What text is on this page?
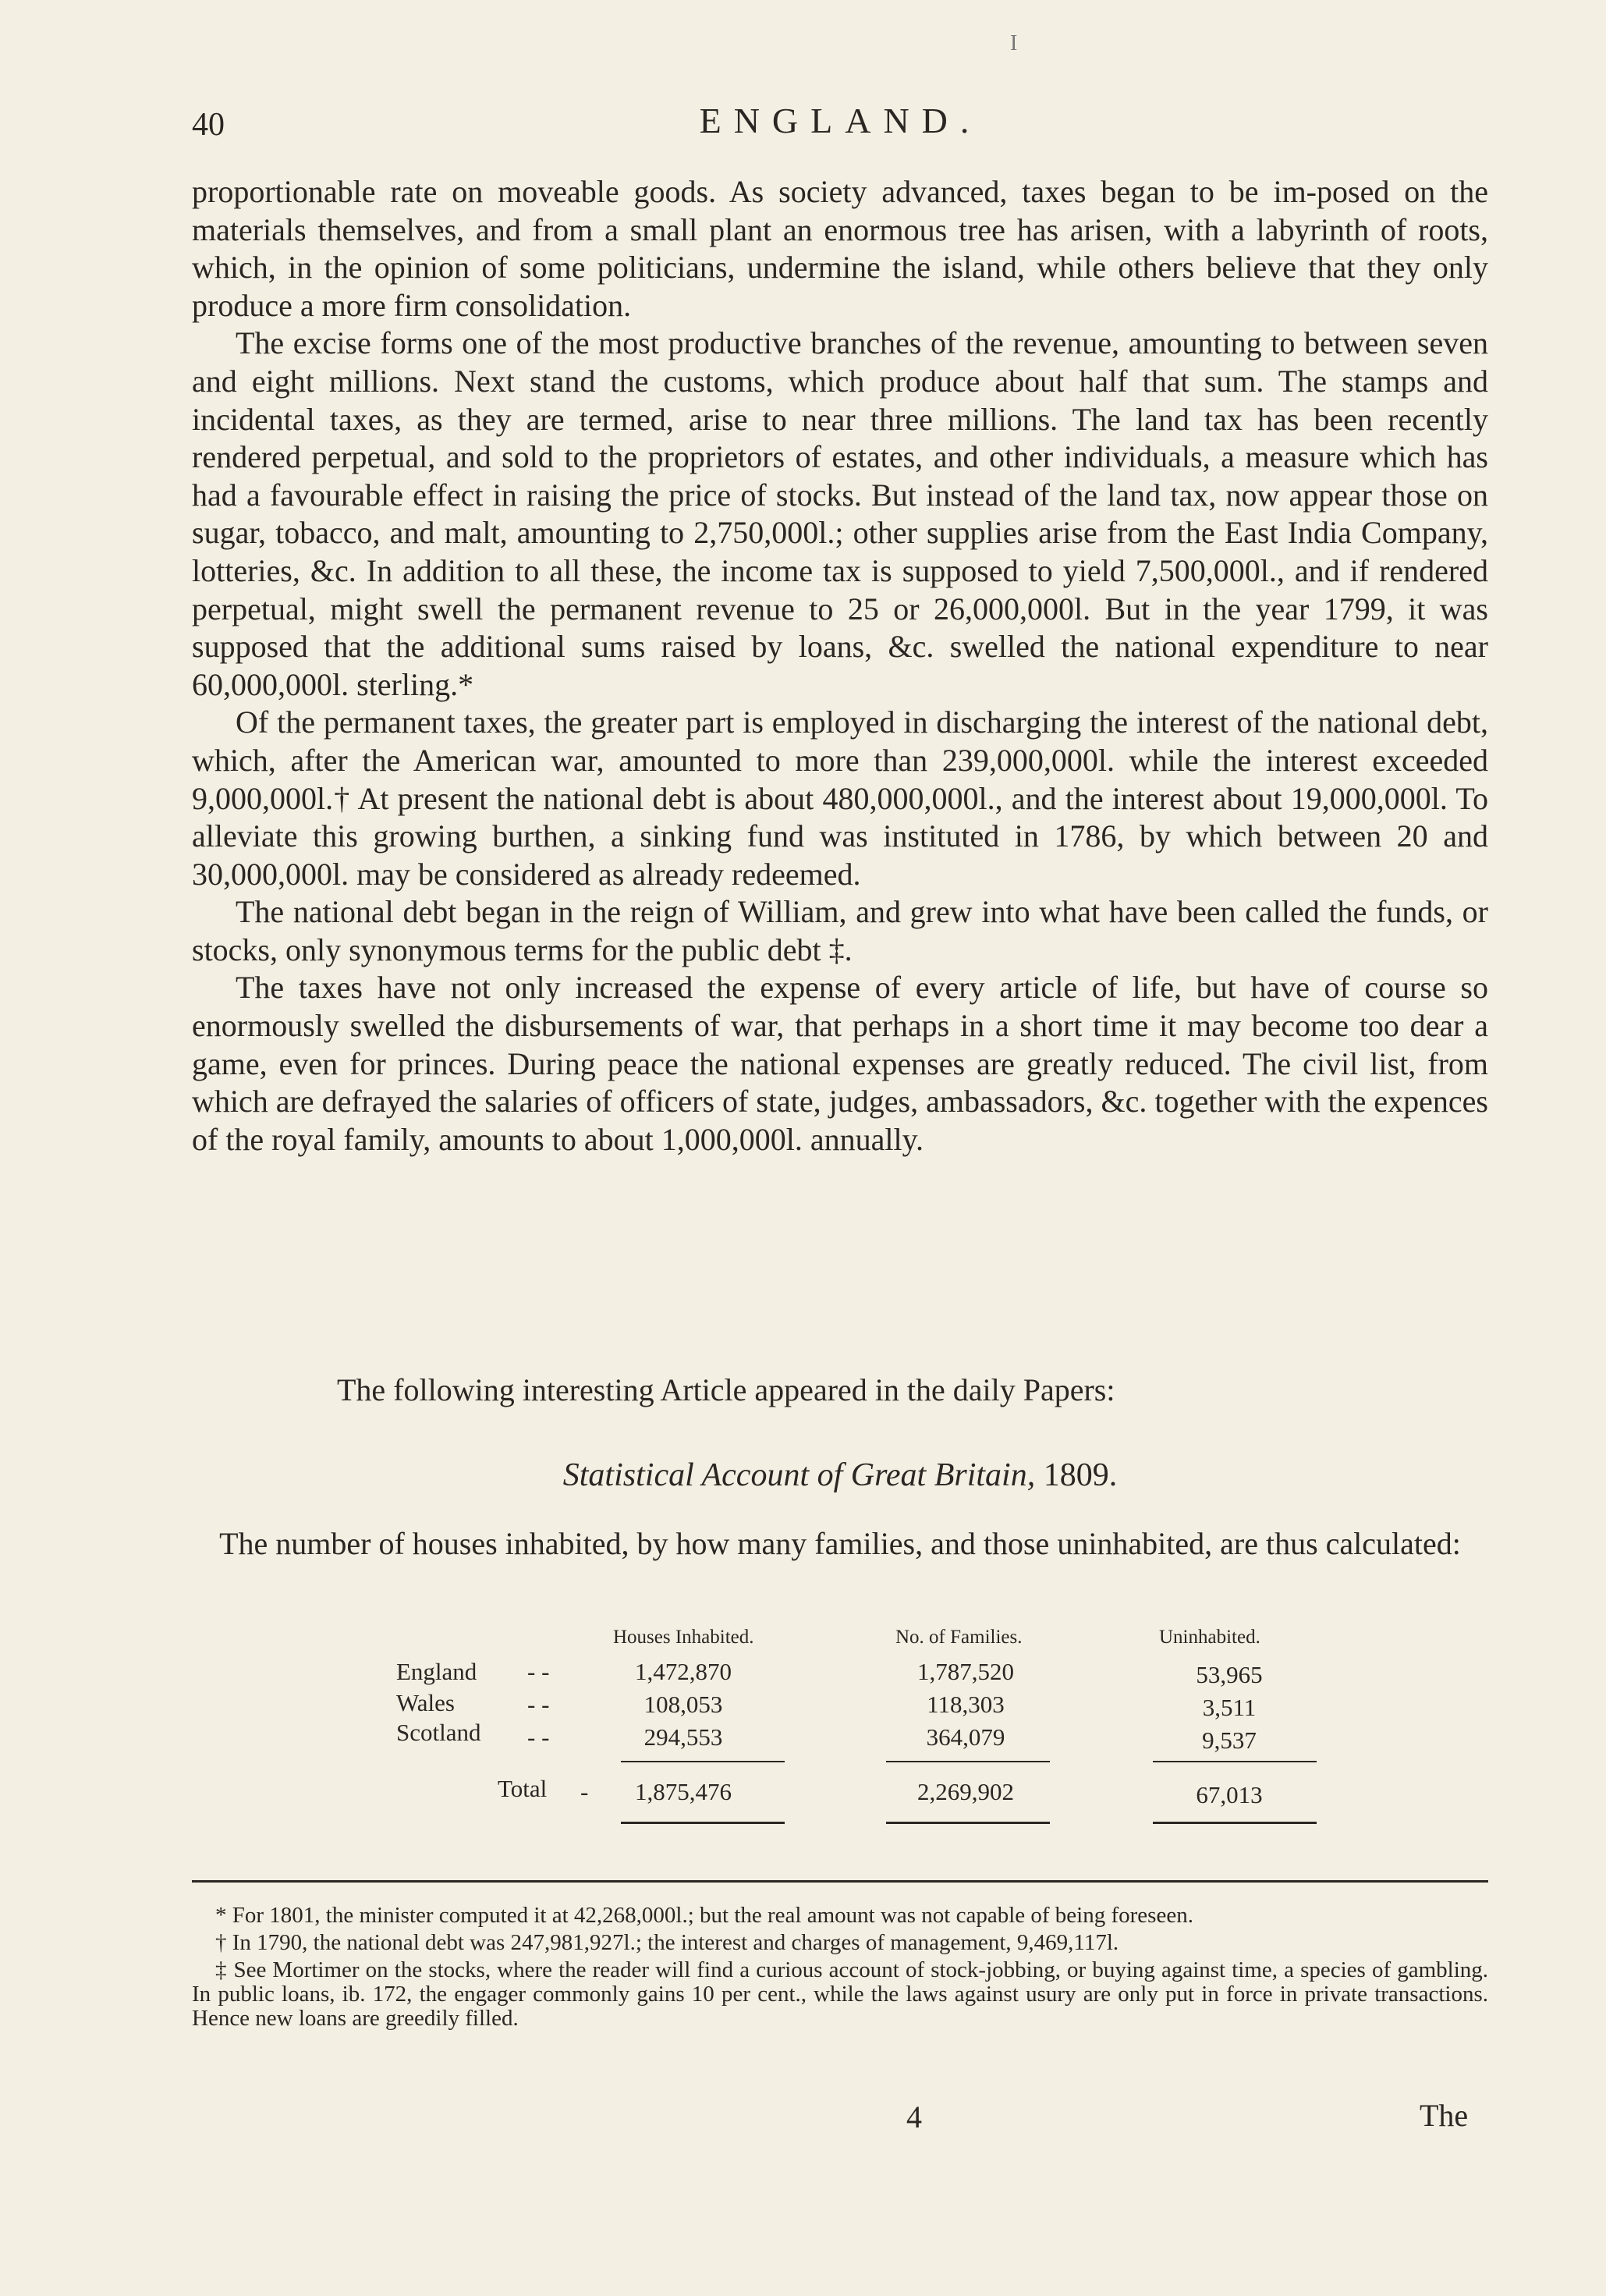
I
40	ENGLAND.

proportionable rate on moveable goods. As society advanced, taxes began to be im-posed on the materials themselves, and from a small plant an enormous tree has arisen, with a labyrinth of roots, which, in the opinion of some politicians, undermine the island, while others believe that they only produce a more firm consolidation.

The excise forms one of the most productive branches of the revenue, amounting to between seven and eight millions. Next stand the customs, which produce about half that sum. The stamps and incidental taxes, as they are termed, arise to near three millions. The land tax has been recently rendered perpetual, and sold to the proprietors of estates, and other individuals, a measure which has had a favourable effect in raising the price of stocks. But instead of the land tax, now appear those on sugar, tobacco, and malt, amounting to 2,750,000l.; other supplies arise from the East India Company, lotteries, &c. In addition to all these, the income tax is supposed to yield 7,500,000l., and if rendered perpetual, might swell the permanent revenue to 25 or 26,000,000l. But in the year 1799, it was supposed that the additional sums raised by loans, &c. swelled the national expenditure to near 60,000,000l. sterling.*

Of the permanent taxes, the greater part is employed in discharging the interest of the national debt, which, after the American war, amounted to more than 239,000,000l. while the interest exceeded 9,000,000l.† At present the national debt is about 480,000,000l., and the interest about 19,000,000l. To alleviate this growing burthen, a sinking fund was instituted in 1786, by which between 20 and 30,000,000l. may be considered as already redeemed.

The national debt began in the reign of William, and grew into what have been called the funds, or stocks, only synonymous terms for the public debt ‡.

The taxes have not only increased the expense of every article of life, but have of course so enormously swelled the disbursements of war, that perhaps in a short time it may become too dear a game, even for princes. During peace the national expenses are greatly reduced. The civil list, from which are defrayed the salaries of officers of state, judges, ambassadors, &c. together with the expences of the royal family, amounts to about 1,000,000l. annually.

The following interesting Article appeared in the daily Papers:

Statistical Account of Great Britain, 1809.
The number of houses inhabited, by how many families, and those uninhabited, are thus calculated:
Houses Inhabited.	No. of Families.	Uninhabited.
England - -	1,472,870	1,787,520	53,965
Wales	- -	108,053	118,303	3,511
Scotland - -	294,553	364,079	9,537
Total -	1,875,476	2,269,902	67,013

* For 1801, the minister computed it at 42,268,000l.; but the real amount was not capable of being foreseen.

† In 1790, the national debt was 247,981,927l.; the interest and charges of management, 9,469,117l.

‡ See Mortimer on the stocks, where the reader will find a curious account of stock-jobbing, or buying against time, a species of gambling. In public loans, ib. 172, the engager commonly gains 10 per cent., while the laws against usury are only put in force in private transactions. Hence new loans are greedily filled.

4	The
